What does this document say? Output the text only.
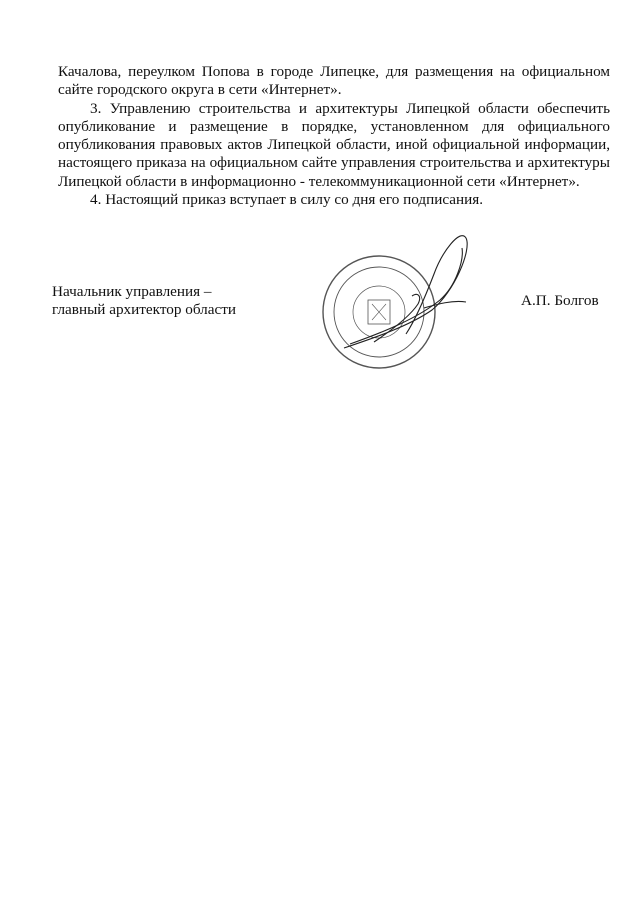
Качалова, переулком Попова в городе Липецке, для размещения на официальном сайте городского округа в сети «Интернет».

3. Управлению строительства и архитектуры Липецкой области обеспечить опубликование и размещение в порядке, установленном для официального опубликования правовых актов Липецкой области, иной официальной информации, настоящего приказа на официальном сайте управления строительства и архитектуры Липецкой области в информационно - телекоммуникационной сети «Интернет».

4. Настоящий приказ вступает в силу со дня его подписания.

Начальник управления –
главный архитектор области
А.П. Болгов
